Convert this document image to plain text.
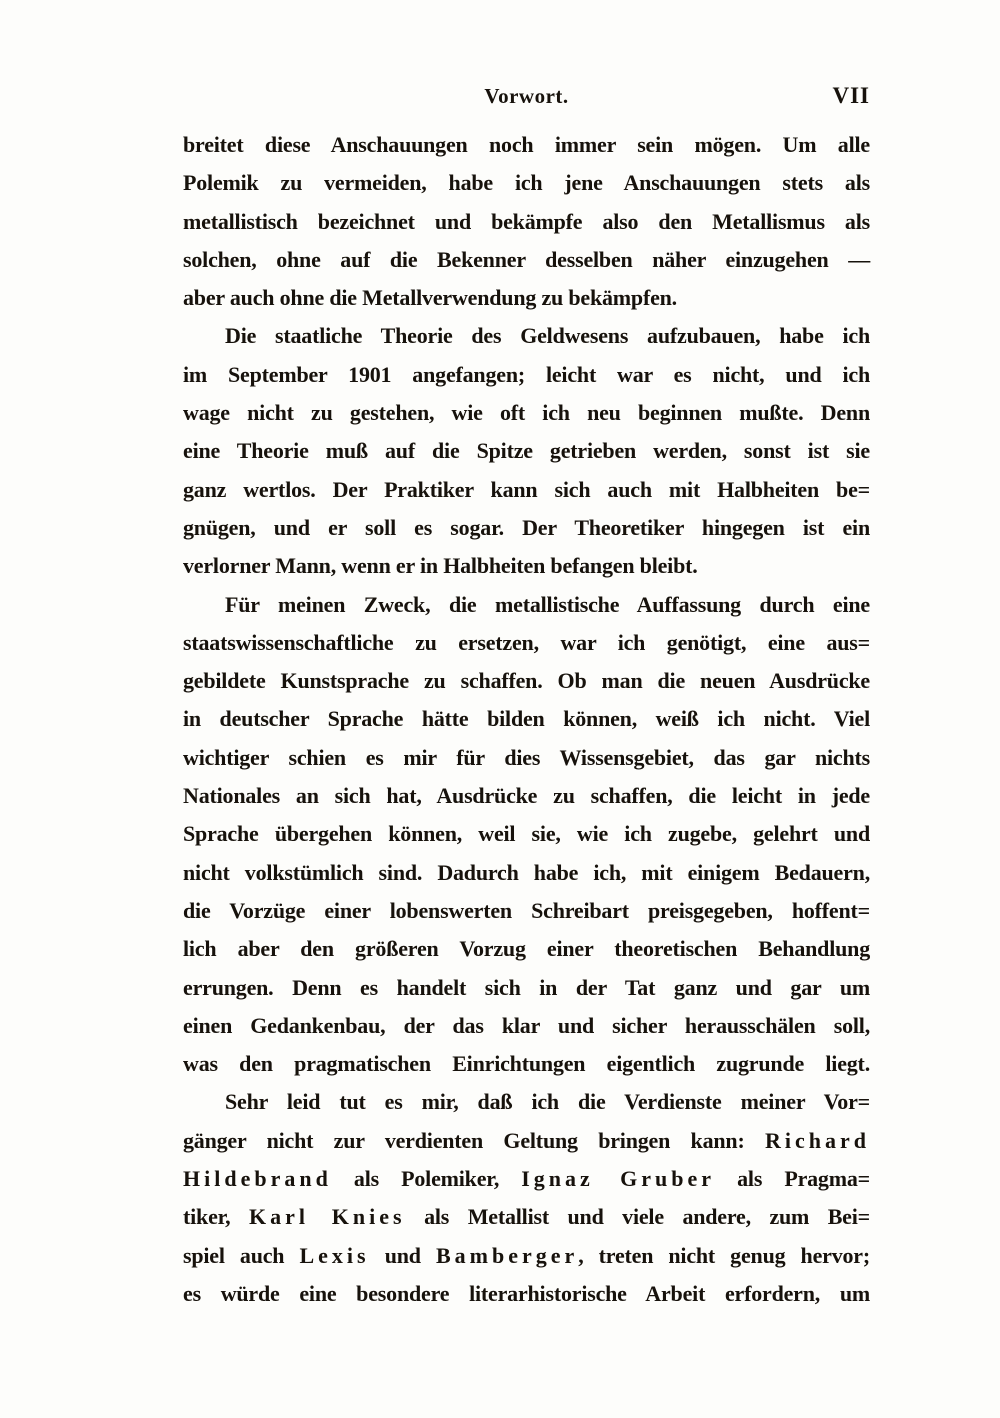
Vorwort.	VII
breitet diese Anschauungen noch immer sein mögen. Um alle
Polemik zu vermeiden, habe ich jene Anschauungen stets als
metallistisch bezeichnet und bekämpfe also den Metallismus als
solchen, ohne auf die Bekenner desselben näher einzugehen —
aber auch ohne die Metallverwendung zu bekämpfen.
Die staatliche Theorie des Geldwesens aufzubauen, habe ich
im September 1901 angefangen; leicht war es nicht, und ich
wage nicht zu gestehen, wie oft ich neu beginnen mußte. Denn
eine Theorie muß auf die Spitze getrieben werden, sonst ist sie
ganz wertlos. Der Praktiker kann sich auch mit Halbheiten be=
gnügen, und er soll es sogar. Der Theoretiker hingegen ist ein
verlorner Mann, wenn er in Halbheiten befangen bleibt.
Für meinen Zweck, die metallistische Auffassung durch eine
staatswissenschaftliche zu ersetzen, war ich genötigt, eine aus=
gebildete Kunstsprache zu schaffen. Ob man die neuen Ausdrücke
in deutscher Sprache hätte bilden können, weiß ich nicht. Viel
wichtiger schien es mir für dies Wissensgebiet, das gar nichts
Nationales an sich hat, Ausdrücke zu schaffen, die leicht in jede
Sprache übergehen können, weil sie, wie ich zugebe, gelehrt und
nicht volkstümlich sind. Dadurch habe ich, mit einigem Bedauern,
die Vorzüge einer lobenswerten Schreibart preisgegeben, hoffent=
lich aber den größeren Vorzug einer theoretischen Behandlung
errungen. Denn es handelt sich in der Tat ganz und gar um
einen Gedankenbau, der das klar und sicher herausschälen soll,
was den pragmatischen Einrichtungen eigentlich zugrunde liegt.
Sehr leid tut es mir, daß ich die Verdienste meiner Vor=
gänger nicht zur verdienten Geltung bringen kann: Richard
Hildebrand als Polemiker, Ignaz Gruber als Pragma=
tiker, Karl Knies als Metallist und viele andere, zum Bei=
spiel auch Lexis und Bamberger, treten nicht genug hervor;
es würde eine besondere literarhistorische Arbeit erfordern, um
